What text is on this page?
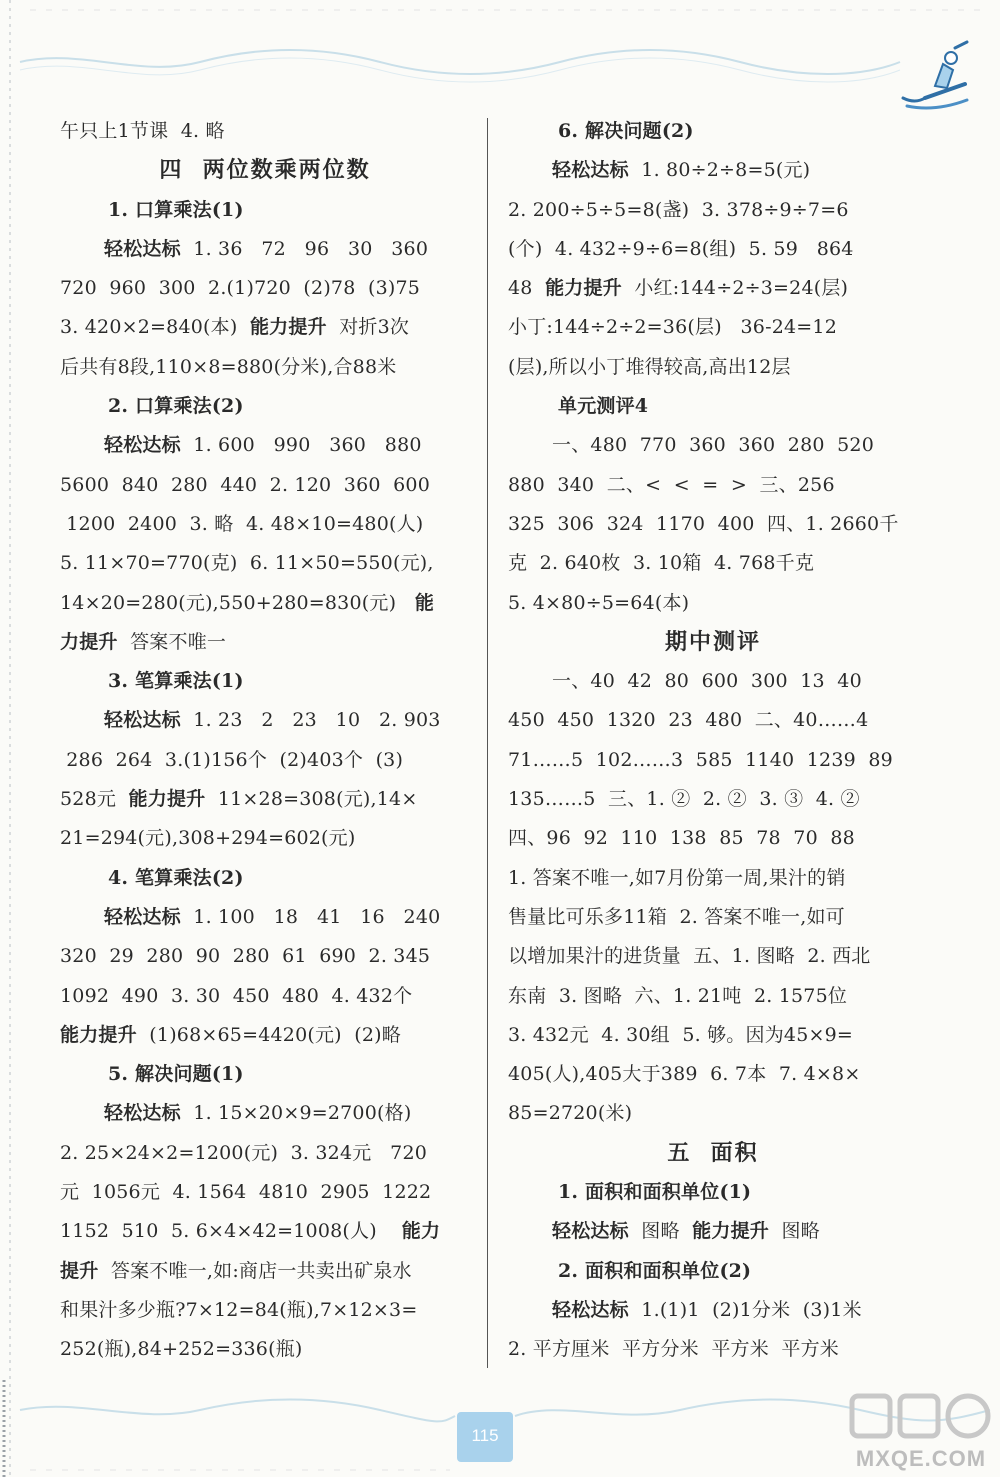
午只上1节课  4. 略
四  两位数乘两位数
1. 口算乘法(1)
轻松达标  1. 36   72   96   30   360
720  960  300  2.(1)720  (2)78  (3)75
3. 420×2=840(本)  能力提升  对折3次
后共有8段,110×8=880(分米),合88米
2. 口算乘法(2)
轻松达标  1. 600   990   360   880
5600  840  280  440  2. 120  360  600
1200  2400  3. 略  4. 48×10=480(人)
5. 11×70=770(克)  6. 11×50=550(元),
14×20=280(元),550+280=830(元)   能
力提升  答案不唯一
3. 笔算乘法(1)
轻松达标  1. 23   2   23   10   2. 903
286  264  3.(1)156个  (2)403个  (3)
528元  能力提升  11×28=308(元),14×
21=294(元),308+294=602(元)
4. 笔算乘法(2)
轻松达标  1. 100   18   41   16   240
320  29  280  90  280  61  690  2. 345
1092  490  3. 30  450  480  4. 432个
能力提升  (1)68×65=4420(元)  (2)略
5. 解决问题(1)
轻松达标  1. 15×20×9=2700(格)
2. 25×24×2=1200(元)  3. 324元   720
元  1056元  4. 1564  4810  2905  1222
1152  510  5. 6×4×42=1008(人)    能力
提升  答案不唯一,如:商店一共卖出矿泉水
和果汁多少瓶?7×12=84(瓶),7×12×3=
252(瓶),84+252=336(瓶)
6. 解决问题(2)
轻松达标  1. 80÷2÷8=5(元)
2. 200÷5÷5=8(盏)  3. 378÷9÷7=6
(个)  4. 432÷9÷6=8(组)  5. 59   864
48  能力提升  小红:144÷2÷3=24(层)
小丁:144÷2÷2=36(层)   36-24=12
(层),所以小丁堆得较高,高出12层
单元测评4
一、480  770  360  360  280  520
880  340  二、<  <  =  >  三、256
325  306  324  1170  400  四、1. 2660千
克  2. 640枚  3. 10箱  4. 768千克
5. 4×80÷5=64(本)
期中测评
一、40  42  80  600  300  13  40
450  450  1320  23  480  二、40……4
71……5  102……3  585  1140  1239  89
135……5  三、1. ②  2. ②  3. ③  4. ②
四、96  92  110  138  85  78  70  88
1. 答案不唯一,如7月份第一周,果汁的销
售量比可乐多11箱  2. 答案不唯一,如可
以增加果汁的进货量  五、1. 图略  2. 西北
东南  3. 图略  六、1. 21吨  2. 1575位
3. 432元  4. 30组  5. 够。因为45×9=
405(人),405大于389  6. 7本  7. 4×8×
85=2720(米)
五  面积
1. 面积和面积单位(1)
轻松达标  图略  能力提升  图略
2. 面积和面积单位(2)
轻松达标  1.(1)1  (2)1分米  (3)1米
2. 平方厘米  平方分米  平方米  平方米
115
MXQE.COM
